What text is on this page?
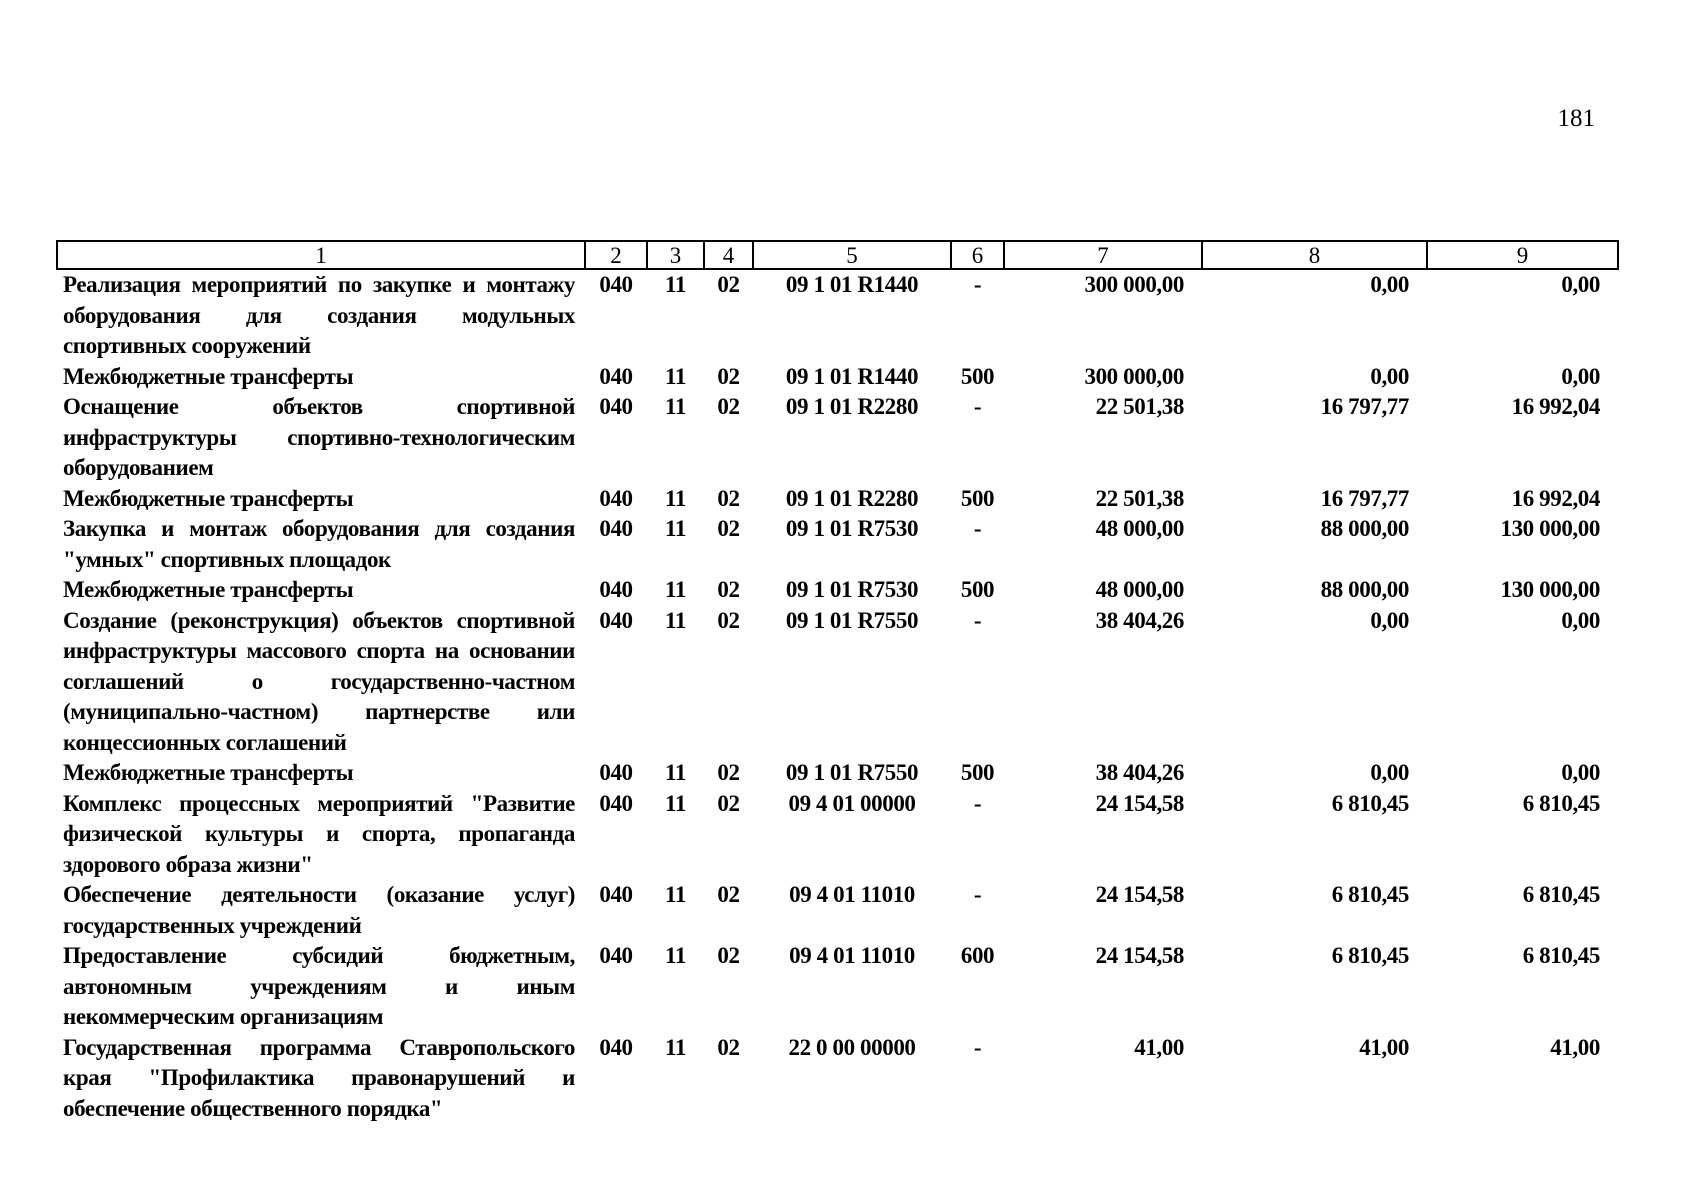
181
1	2	3	4	5	6	7	8	9
Реализация мероприятий по закупке и монтажу оборудования для создания модульных спортивных сооружений	040	11	02	09 1 01 R1440	-	300 000,00	0,00	0,00
Межбюджетные трансферты	040	11	02	09 1 01 R1440	500	300 000,00	0,00	0,00
Оснащение объектов спортивной инфраструктуры спортивно-технологическим оборудованием	040	11	02	09 1 01 R2280	-	22 501,38	16 797,77	16 992,04
Межбюджетные трансферты	040	11	02	09 1 01 R2280	500	22 501,38	16 797,77	16 992,04
Закупка и монтаж оборудования для создания "умных" спортивных площадок	040	11	02	09 1 01 R7530	-	48 000,00	88 000,00	130 000,00
Межбюджетные трансферты	040	11	02	09 1 01 R7530	500	48 000,00	88 000,00	130 000,00
Создание (реконструкция) объектов спортивной инфраструктуры массового спорта на основании соглашений о государственно-частном (муниципально-частном) партнерстве или концессионных соглашений	040	11	02	09 1 01 R7550	-	38 404,26	0,00	0,00
Межбюджетные трансферты	040	11	02	09 1 01 R7550	500	38 404,26	0,00	0,00
Комплекс процессных мероприятий "Развитие физической культуры и спорта, пропаганда здорового образа жизни"	040	11	02	09 4 01 00000	-	24 154,58	6 810,45	6 810,45
Обеспечение деятельности (оказание услуг) государственных учреждений	040	11	02	09 4 01 11010	-	24 154,58	6 810,45	6 810,45
Предоставление субсидий бюджетным, автономным учреждениям и иным некоммерческим организациям	040	11	02	09 4 01 11010	600	24 154,58	6 810,45	6 810,45
Государственная программа Ставропольского края "Профилактика правонарушений и обеспечение общественного порядка"	040	11	02	22 0 00 00000	-	41,00	41,00	41,00
